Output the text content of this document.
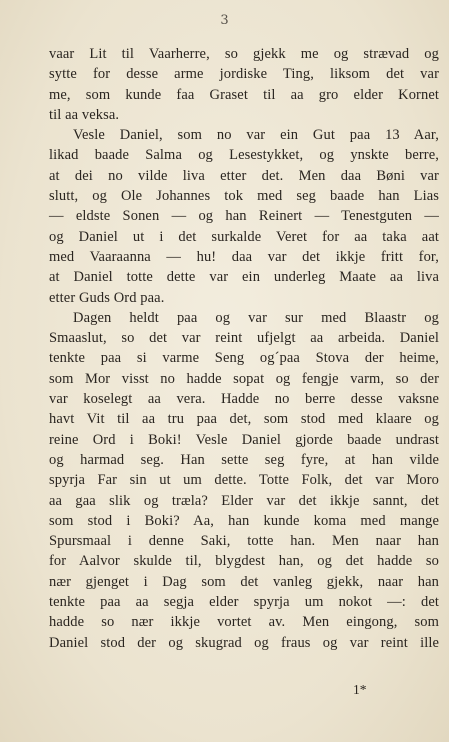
3
vaar Lit til Vaarherre, so gjekk me og strævad og
sytte for desse arme jordiske Ting, liksom det var
me, som kunde faa Graset til aa gro elder Kornet
til aa veksa.
Vesle Daniel, som no var ein Gut paa 13 Aar,
likad baade Salma og Lesestykket, og ynskte berre,
at dei no vilde liva etter det. Men daa Bøni var
slutt, og Ole Johannes tok med seg baade han Lias
— eldste Sonen — og han Reinert — Tenestguten —
og Daniel ut i det surkalde Veret for aa taka aat
med Vaaraanna — hu! daa var det ikkje fritt for,
at Daniel totte dette var ein underleg Maate aa liva
etter Guds Ord paa.
Dagen heldt paa og var sur med Blaastr og
Smaaslut, so det var reint ufjelgt aa arbeida. Daniel
tenkte paa si varme Seng og´paa Stova der heime,
som Mor visst no hadde sopat og fengje varm, so der
var koselegt aa vera. Hadde no berre desse vaksne
havt Vit til aa tru paa det, som stod med klaare og
reine Ord i Boki! Vesle Daniel gjorde baade undrast
og harmad seg. Han sette seg fyre, at han vilde
spyrja Far sin ut um dette. Totte Folk, det var Moro
aa gaa slik og træla? Elder var det ikkje sannt, det
som stod i Boki? Aa, han kunde koma med mange
Spursmaal i denne Saki, totte han. Men naar han
for Aalvor skulde til, blygdest han, og det hadde so
nær gjenget i Dag som det vanleg gjekk, naar han
tenkte paa aa segja elder spyrja um nokot —: det
hadde so nær ikkje vortet av. Men eingong, som
Daniel stod der og skugrad og fraus og var reint ille
1*
